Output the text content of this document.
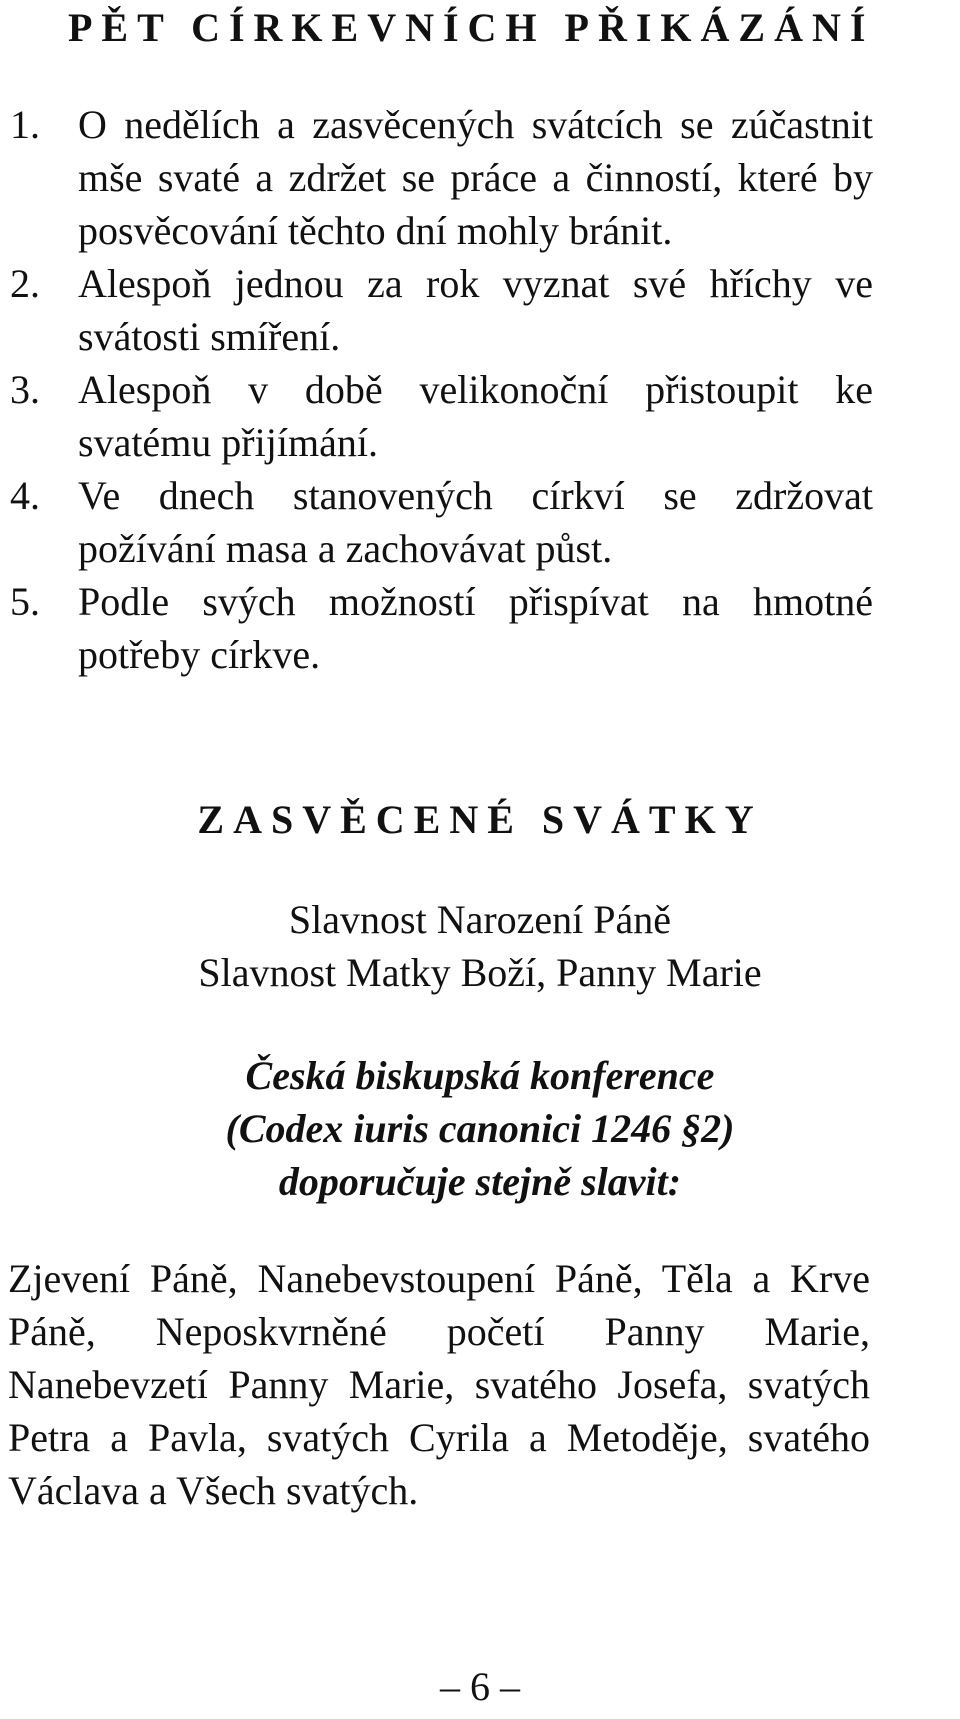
PĚT CÍRKEVNÍCH PŘIKÁZÁNÍ
1. O nedělích a zasvěcených svátcích se zúčastnit mše svaté a zdržet se práce a činností, které by posvěcování těchto dní mohly bránit.
2. Alespoň jednou za rok vyznat své hříchy ve svátosti smíření.
3. Alespoň v době velikonoční přistoupit ke svatému přijímání.
4. Ve dnech stanovených církví se zdržovat požívání masa a zachovávat půst.
5. Podle svých možností přispívat na hmotné potřeby církve.
ZASVĚCENÉ SVÁTKY
Slavnost Narození Páně
Slavnost Matky Boží, Panny Marie
Česká biskupská konference
(Codex iuris canonici 1246 §2)
doporučuje stejně slavit:

Zjevení Páně, Nanebevstoupení Páně, Těla a Krve Páně, Neposkvrněné početí Panny Marie, Nanebevzetí Panny Marie, svatého Josefa, svatých Petra a Pavla, svatých Cyrila a Metoděje, svatého Václava a Všech svatých.

– 6 –
